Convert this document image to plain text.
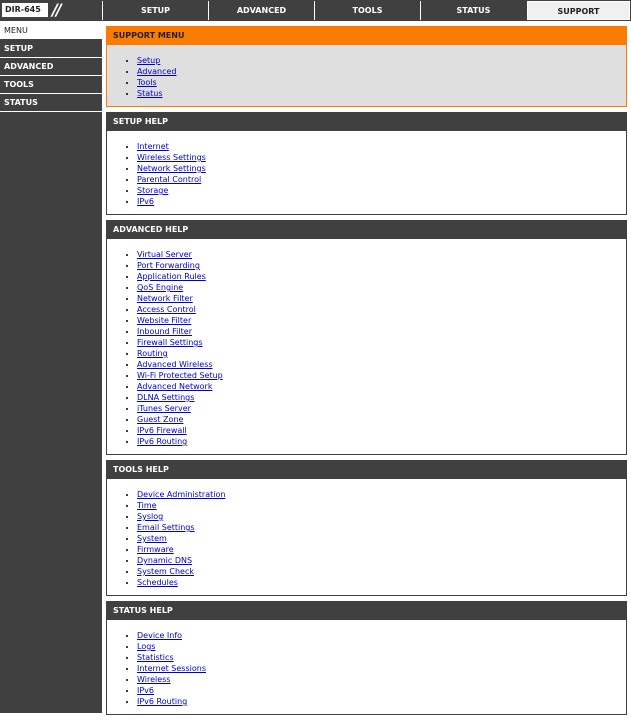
DIR-645 //	SETUP	ADVANCED	TOOLS	STATUS	SUPPORT
MENU
SETUP
ADVANCED
TOOLS
STATUS
SUPPORT MENU
• Setup
• Advanced
• Tools
• Status
SETUP HELP
• Internet
• Wireless Settings
• Network Settings
• Parental Control
• Storage
• IPv6
ADVANCED HELP
• Virtual Server
• Port Forwarding
• Application Rules
• QoS Engine
• Network Filter
• Access Control
• Website Filter
• Inbound Filter
• Firewall Settings
• Routing
• Advanced Wireless
• Wi-Fi Protected Setup
• Advanced Network
• DLNA Settings
• iTunes Server
• Guest Zone
• IPv6 Firewall
• IPv6 Routing
TOOLS HELP
• Device Administration
• Time
• Syslog
• Email Settings
• System
• Firmware
• Dynamic DNS
• System Check
• Schedules
STATUS HELP
• Device Info
• Logs
• Statistics
• Internet Sessions
• Wireless
• IPv6
• IPv6 Routing
